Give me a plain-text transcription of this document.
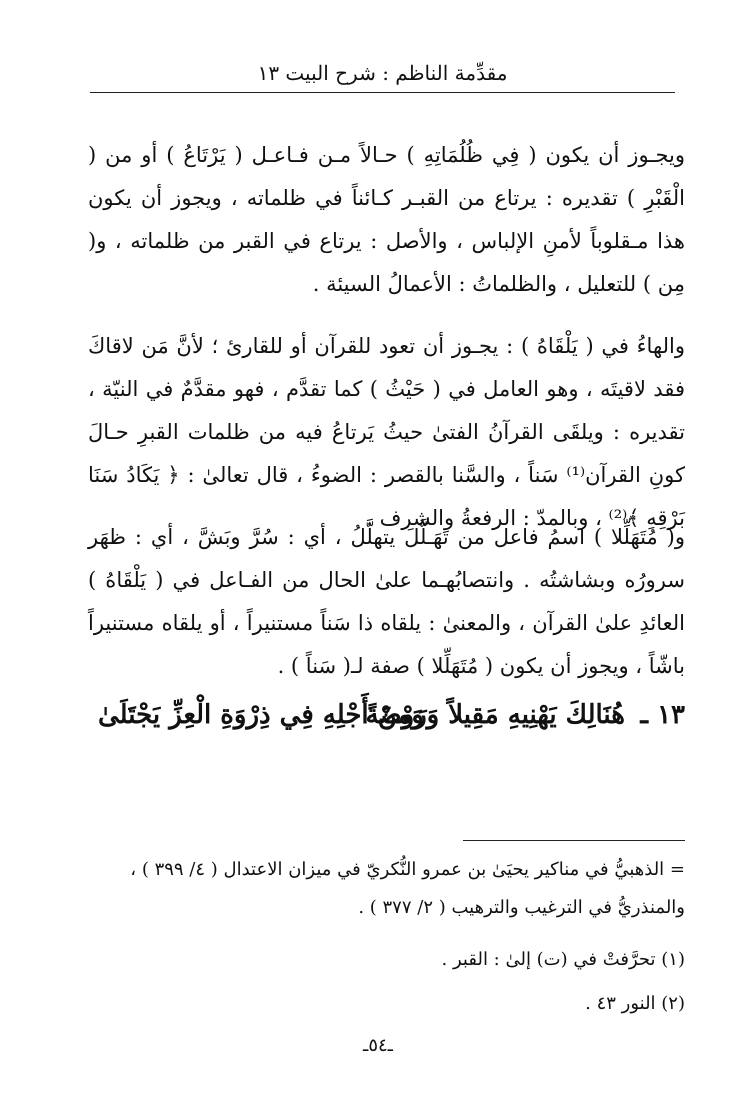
مقدِّمة الناظم : شرح البيت ١٣
ويجـوز أن يكون ( فِي ظُلُمَاتِهِ ) حـالاً مـن فـاعـل ( يَرْتَاعُ ) أو من ( الْقَبْرِ ) تقديره : يرتاع من القبـر كـائناً في ظلماته ، ويجوز أن يكون هذا مـقلوباً لأمنِ الإلباس ، والأصل : يرتاع في القبر من ظلماته ، و( مِن ) للتعليل ، والظلماتُ : الأعمالُ السيئة .
والهاءُ في ( يَلْقَاهُ ) : يجـوز أن تعود للقرآن أو للقارئ ؛ لأنَّ مَن لاقاكَ فقد لاقيتَه ، وهو العامل في ( حَيْثُ ) كما تقدَّم ، فهو مقدَّمٌ في النيّة ، تقديره : ويلقَى القرآنُ الفتىٰ حيثُ يَرتاعُ فيه من ظلمات القبرِ حـالَ كونِ القرآن⁽¹⁾ سَناً ، والسَّنا بالقصر : الضوءُ ، قال تعالىٰ : ﴿ يَكَادُ سَنَا بَرْقِهِ ﴾⁽²⁾ ، وبالمدّ : الرفعةُ والشرف .
و( مُتَهَلِّلا ) اسمُ فاعل من تَهَـلَّلَ يتهلَّلُ ، أي : سُرَّ وبَشَّ ، أي : ظهَر سرورُه وبشاشتُه . وانتصابُهـما علىٰ الحال من الفـاعل في ( يَلْقَاهُ ) العائدِ علىٰ القرآن ، والمعنىٰ : يلقاه ذا سَناً مستنيراً ، أو يلقاه مستنيراً باشّاً ، ويجوز أن يكون ( مُتَهَلِّلا ) صفة لـ( سَناً ) .
١٣ ـ
هُنَالِكَ يَهْنِيهِ مَقِيلاً وَرَوْضَةً
وَمِنْ أَجْلِهِ فِي ذِرْوَةِ الْعِزِّ يَجْتَلَىٰ
= الذهبيُّ في مناكير يحيَىٰ بن عمرو النُّكريّ في ميزان الاعتدال ( ٤/ ٣٩٩ ) ، والمنذريُّ في الترغيب والترهيب ( ٢/ ٣٧٧ ) .
(١) تحرَّفتْ في (ت) إلىٰ : القبر .
(٢) النور ٤٣ .
ـ٥٤ـ
